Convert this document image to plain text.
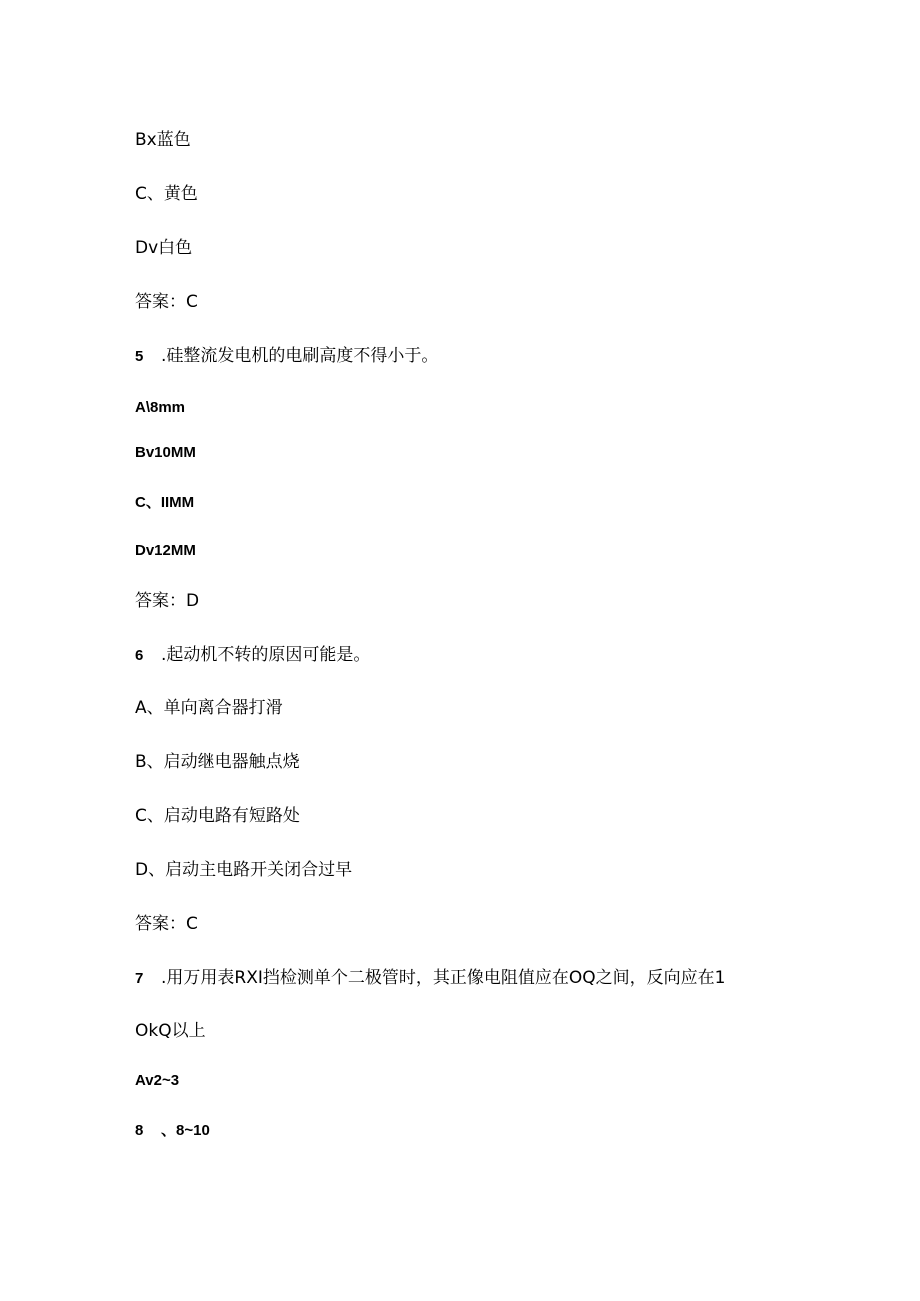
Bx蓝色
C、黄色
Dv白色
答案：C
5 .硅整流发电机的电刷高度不得小于。
A\8mm
Bv10MM
C、IIMM
Dv12MM
答案：D
6 .起动机不转的原因可能是。
A、单向离合器打滑
B、启动继电器触点烧
C、启动电路有短路处
D、启动主电路开关闭合过早
答案：C
7 .用万用表RXI挡检测单个二极管时，其正像电阻值应在OQ之间，反向应在1
OkQ以上
Av2~3
8 、8~10
